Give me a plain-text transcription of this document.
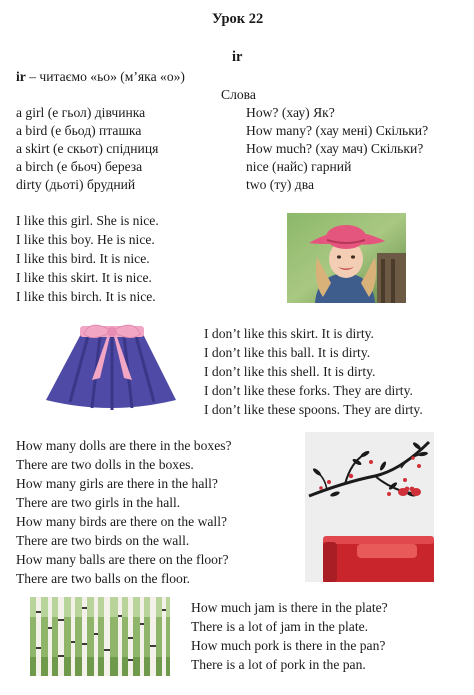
Урок 22
ir
ir – читаємо «ьо» (м’яка «о»)
Слова
a girl (е гьол) дівчинка
a bird (е бьод) пташка
a skirt (е cкьот) спідниця
a birch (е бьоч) береза
dirty (дьоті) брудний
How? (хау) Як?
How many? (хау мені) Скільки?
How much? (хау мач) Скільки?
nice (найс) гарний
two (ту) два
I like this girl. She is nice.
I like this boy. He is nice.
I like this bird. It is nice.
I like this skirt. It is nice.
I like this birch. It is nice.
I don’t like this skirt. It is dirty.
I don’t like this ball. It is dirty.
I don’t like this shell. It is dirty.
I don’t like these forks. They are dirty.
I don’t like these spoons. They are dirty.
How many dolls are there in the boxes?
There are two dolls in the boxes.
How many girls are there in the hall?
There are two girls in the hall.
How many birds are there on the wall?
There are two birds on the wall.
How many balls are there on the floor?
There are two balls on the floor.
How much jam is there in the plate?
There is a lot of jam in the plate.
How much pork is there in the pan?
There is a lot of pork in the pan.
